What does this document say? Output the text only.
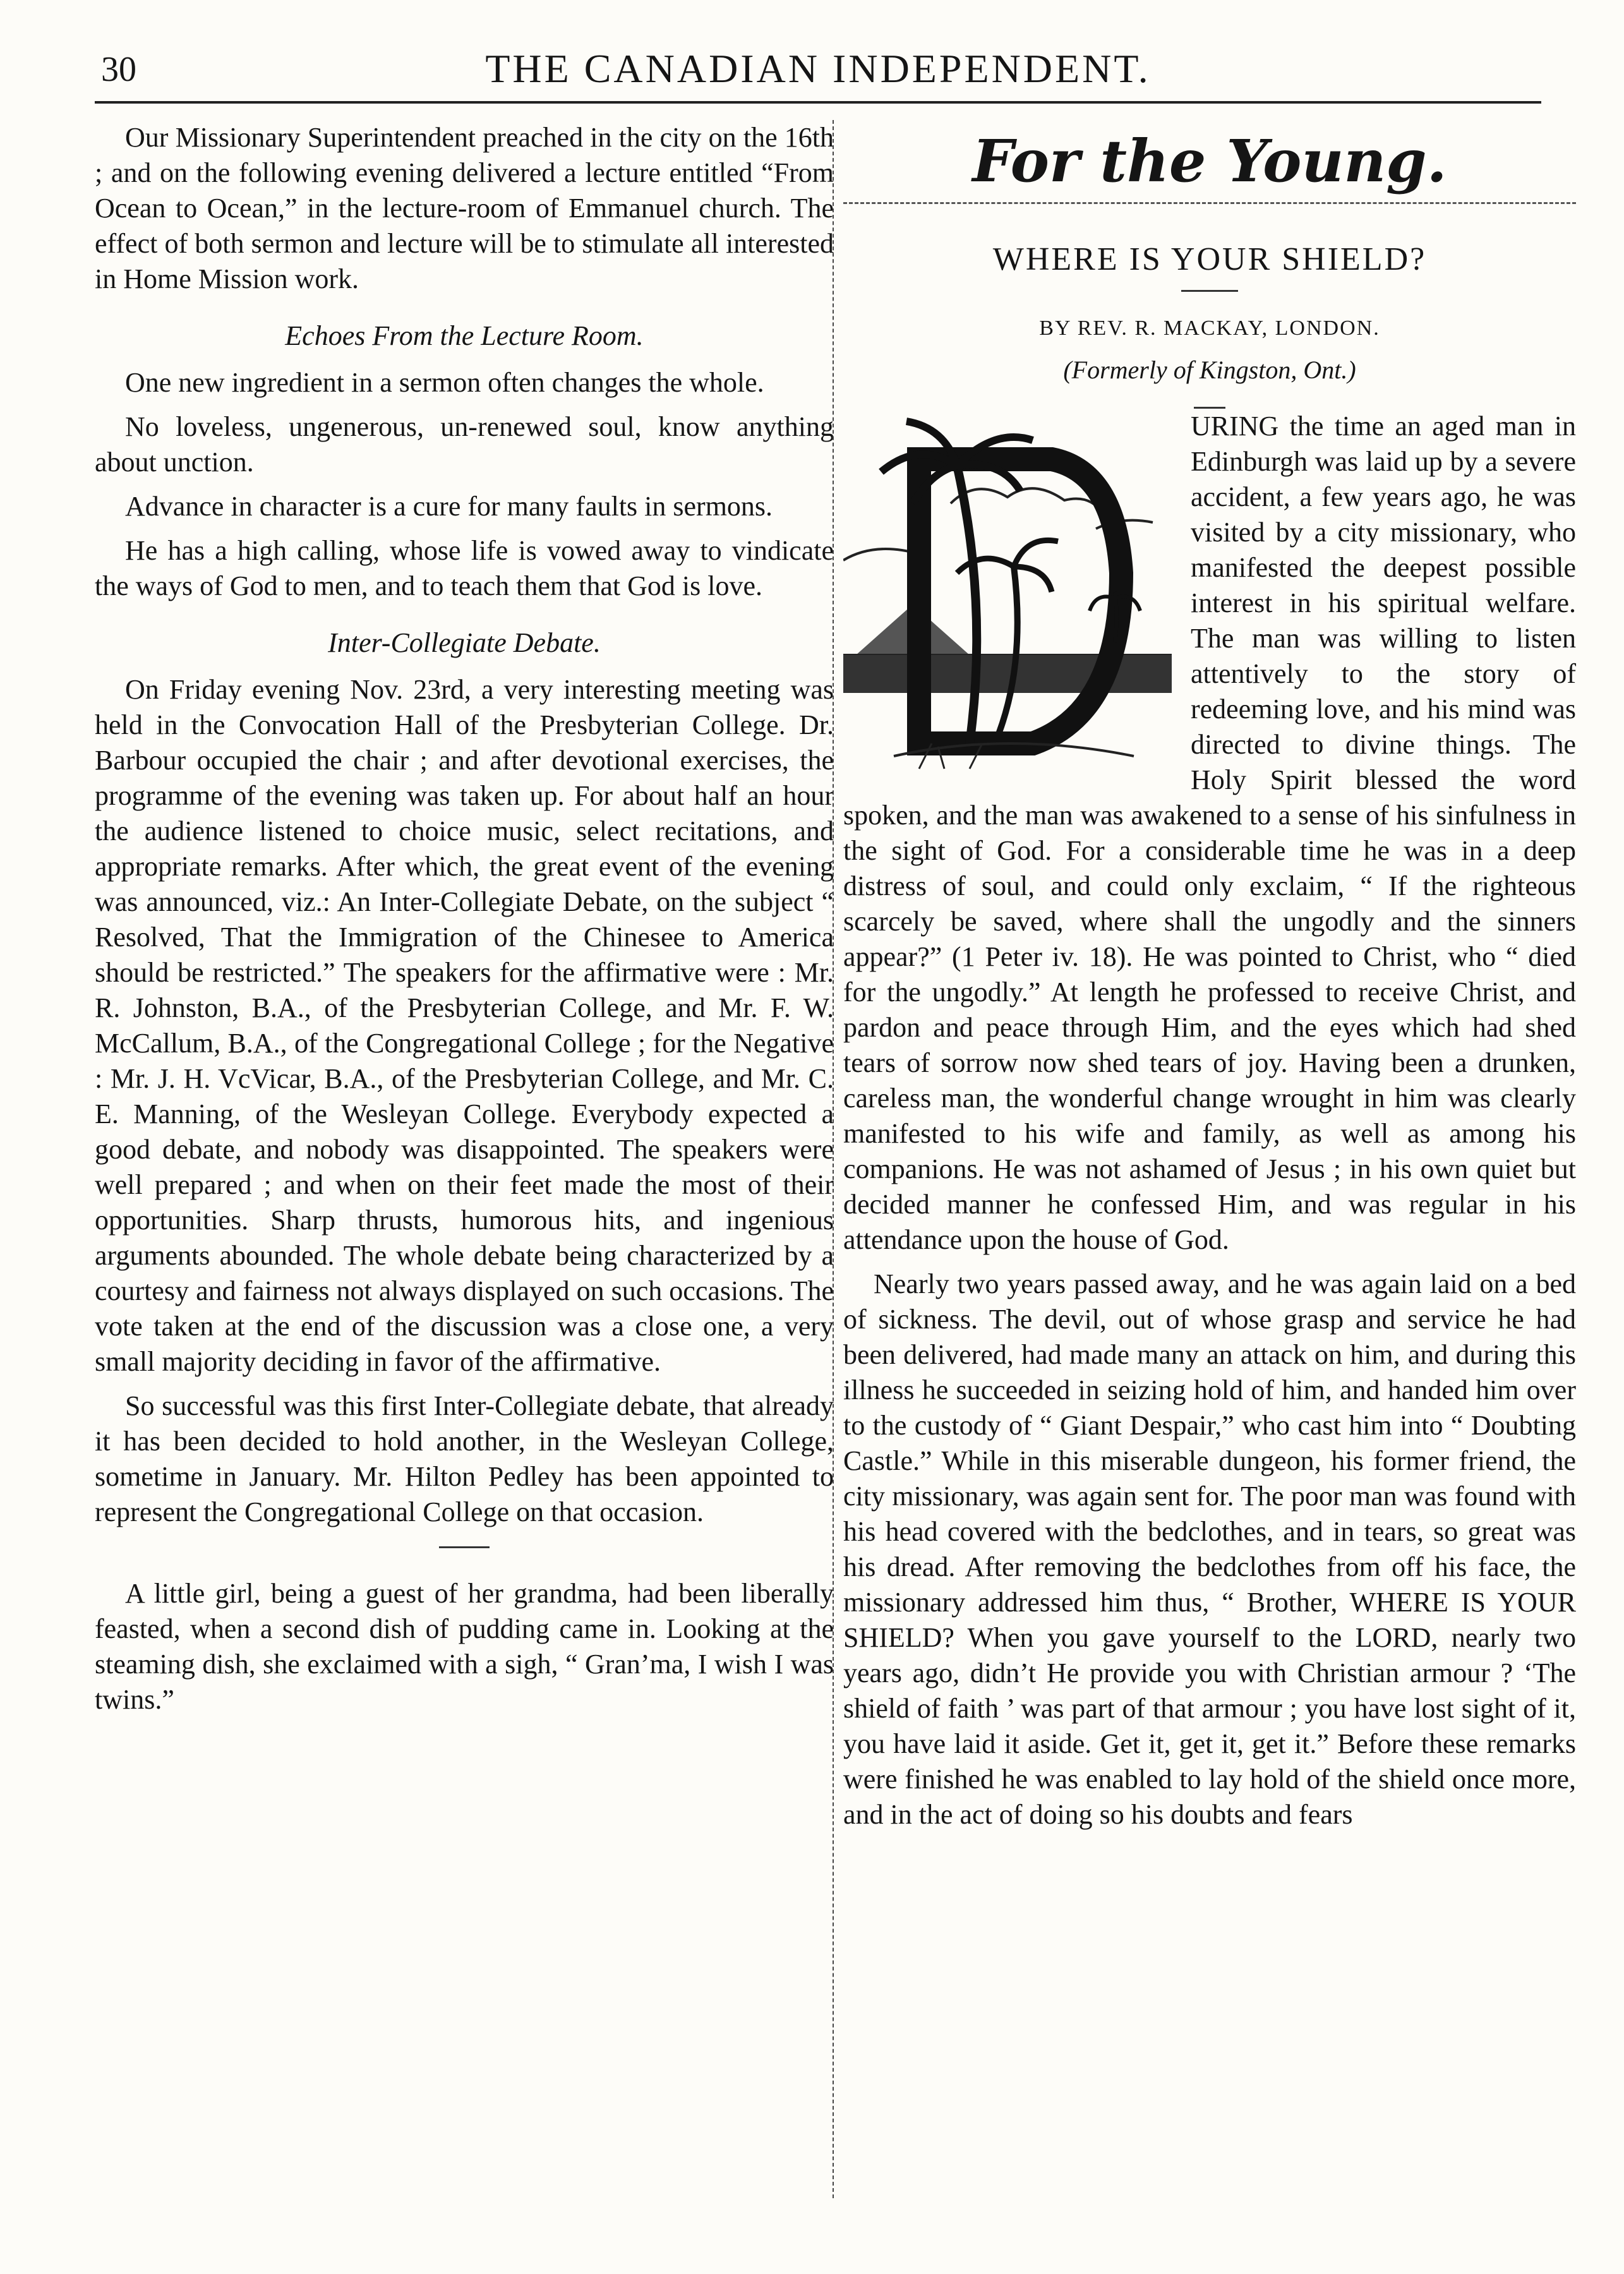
30	THE CANADIAN INDEPENDENT.

Our Missionary Superintendent preached in the city on the 16th ; and on the following evening delivered a lecture entitled “From Ocean to Ocean,” in the lecture-room of Emmanuel church. The effect of both sermon and lecture will be to stimulate all interested in Home Mission work.

Echoes From the Lecture Room.

One new ingredient in a sermon often changes the whole.

No loveless, ungenerous, un-renewed soul, know anything about unction.

Advance in character is a cure for many faults in sermons.

He has a high calling, whose life is vowed away to vindicate the ways of God to men, and to teach them that God is love.

Inter-Collegiate Debate.

On Friday evening Nov. 23rd, a very interesting meeting was held in the Convocation Hall of the Presbyterian College. Dr. Barbour occupied the chair ; and after devotional exercises, the programme of the evening was taken up. For about half an hour the audience listened to choice music, select recitations, and appropriate remarks. After which, the great event of the evening was announced, viz.: An Inter-Collegiate Debate, on the subject “ Resolved, That the Immigration of the Chinesee to America should be restricted.” The speakers for the affirmative were : Mr. R. Johnston, B.A., of the Presbyterian College, and Mr. F. W. McCallum, B.A., of the Congregational College ; for the Negative : Mr. J. H. VcVicar, B.A., of the Presbyterian College, and Mr. C. E. Manning, of the Wesleyan College. Everybody expected a good debate, and nobody was disappointed. The speakers were well prepared ; and when on their feet made the most of their opportunities. Sharp thrusts, humorous hits, and ingenious arguments abounded. The whole debate being characterized by a courtesy and fairness not always displayed on such occasions. The vote taken at the end of the discussion was a close one, a very small majority deciding in favor of the affirmative.

So successful was this first Inter-Collegiate debate, that already it has been decided to hold another, in the Wesleyan College, sometime in January. Mr. Hilton Pedley has been appointed to represent the Congregational College on that occasion.

A little girl, being a guest of her grandma, had been liberally feasted, when a second dish of pudding came in. Looking at the steaming dish, she exclaimed with a sigh, “ Gran’ma, I wish I was twins.”

For the Young.
WHERE IS YOUR SHIELD?
BY REV. R. MACKAY, LONDON.
(Formerly of Kingston, Ont.)

URING the time an aged man in Edinburgh was laid up by a severe accident, a few years ago, he was visited by a city missionary, who manifested the deepest possible interest in his spiritual welfare. The man was willing to listen attentively to the story of redeeming love, and his mind was directed to divine things. The Holy Spirit blessed the word spoken, and the man was awakened to a sense of his sinfulness in the sight of God. For a considerable time he was in a deep distress of soul, and could only exclaim, “ If the righteous scarcely be saved, where shall the ungodly and the sinners appear?” (1 Peter iv. 18). He was pointed to Christ, who “ died for the ungodly.” At length he professed to receive Christ, and pardon and peace through Him, and the eyes which had shed tears of sorrow now shed tears of joy. Having been a drunken, careless man, the wonderful change wrought in him was clearly manifested to his wife and family, as well as among his companions. He was not ashamed of Jesus ; in his own quiet but decided manner he confessed Him, and was regular in his attendance upon the house of God.

Nearly two years passed away, and he was again laid on a bed of sickness. The devil, out of whose grasp and service he had been delivered, had made many an attack on him, and during this illness he succeeded in seizing hold of him, and handed him over to the custody of “ Giant Despair,” who cast him into “ Doubting Castle.” While in this miserable dungeon, his former friend, the city missionary, was again sent for. The poor man was found with his head covered with the bedclothes, and in tears, so great was his dread. After removing the bedclothes from off his face, the missionary addressed him thus, “ Brother, WHERE IS YOUR SHIELD? When you gave yourself to the LORD, nearly two years ago, didn’t He provide you with Christian armour ? ‘The shield of faith ’ was part of that armour ; you have lost sight of it, you have laid it aside. Get it, get it, get it.” Before these remarks were finished he was enabled to lay hold of the shield once more, and in the act of doing so his doubts and fears
